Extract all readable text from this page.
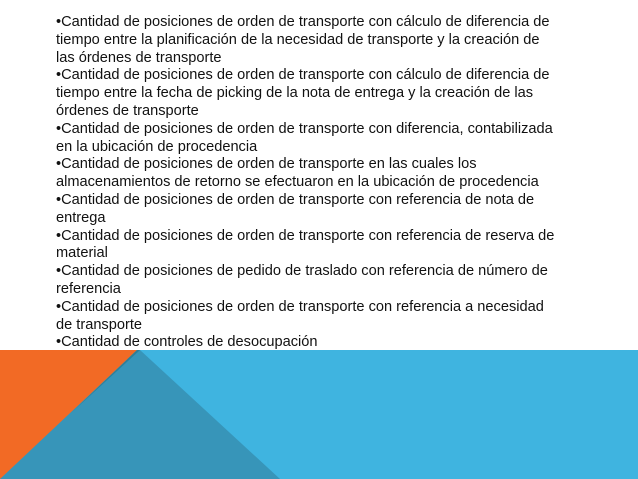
•Cantidad de posiciones de orden de transporte con cálculo de diferencia de tiempo entre la planificación de la necesidad de transporte y la creación de las órdenes de transporte

•Cantidad de posiciones de orden de transporte con cálculo de diferencia de tiempo entre la fecha de picking de la nota de entrega y la creación de las órdenes de transporte

•Cantidad de posiciones de orden de transporte con diferencia, contabilizada en la ubicación de procedencia

•Cantidad de posiciones de orden de transporte en las cuales los almacenamientos de retorno se efectuaron en la ubicación de procedencia

•Cantidad de posiciones de orden de transporte con referencia de nota de entrega

•Cantidad de posiciones de orden de transporte con referencia de reserva de material

•Cantidad de posiciones de pedido de traslado con referencia de número de referencia

•Cantidad de posiciones de orden de transporte con referencia a necesidad de transporte

•Cantidad de controles de desocupación
